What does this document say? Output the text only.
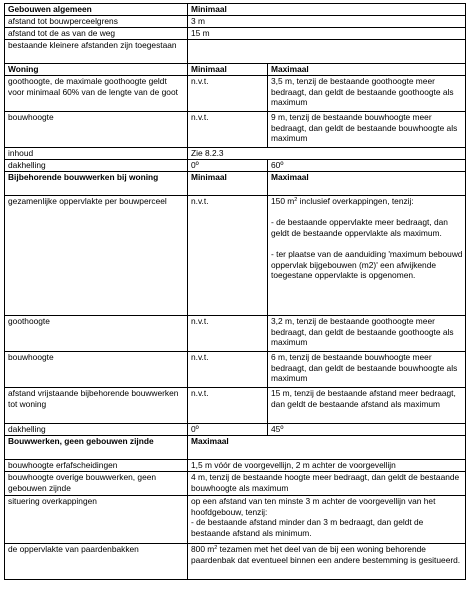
Gebouwen algemeen	Minimaal	
afstand tot bouwperceelgrens	3 m	
afstand tot de as van de weg	15 m	
bestaande kleinere afstanden zijn toegestaan		
Woning	Minimaal	Maximaal
goothoogte, de maximale goothoogte geldt voor minimaal 60% van de lengte van de goot	n.v.t.	3,5 m, tenzij de bestaande goothoogte meer bedraagt, dan geldt de bestaande goothoogte als maximum
bouwhoogte	n.v.t.	9 m, tenzij de bestaande bouwhoogte meer bedraagt, dan geldt de bestaande bouwhoogte als maximum
inhoud	Zie 8.2.3	
dakhelling	0º	60º
Bijbehorende bouwwerken bij woning	Minimaal	Maximaal
gezamenlijke oppervlakte per bouwperceel	n.v.t.	150 $m^2$ inclusief overkappingen, tenzij:
- de bestaande oppervlakte meer bedraagt, dan geldt de bestaande oppervlakte als maximum.
- ter plaatse van de aanduiding 'maximum bebouwd oppervlak bijgebouwen (m2)' een afwijkende toegestane oppervlakte is opgenomen.

goothoogte	n.v.t.	3,2 m, tenzij de bestaande goothoogte meer bedraagt, dan geldt de bestaande goothoogte als maximum
bouwhoogte	n.v.t.	6 m, tenzij de bestaande bouwhoogte meer bedraagt, dan geldt de bestaande bouwhoogte als maximum
afstand vrijstaande bijbehorende bouwwerken tot woning	n.v.t.	15 m, tenzij de bestaande afstand meer bedraagt, dan geldt de bestaande afstand als maximum
dakhelling	0º	45º
Bouwwerken, geen gebouwen zijnde	Maximaal	
bouwhoogte erfafscheidingen	1,5 m vóór de voorgevellijn, 2 m achter de voorgevellijn	
bouwhoogte overige bouwwerken, geen gebouwen zijnde	4 m, tenzij de bestaande hoogte meer bedraagt, dan geldt de bestaande bouwhoogte als maximum	
situering overkappingen	op een afstand van ten minste 3 m achter de voorgevellijn van het hoofdgebouw, tenzij:
- de bestaande afstand minder dan 3 m bedraagt, dan geldt de bestaande afstand als minimum.	

de oppervlakte van paardenbakken	800 $m^2$ tezamen met het deel van de bij een woning behorende paardenbak dat eventueel binnen een andere bestemming is gesitueerd.	
